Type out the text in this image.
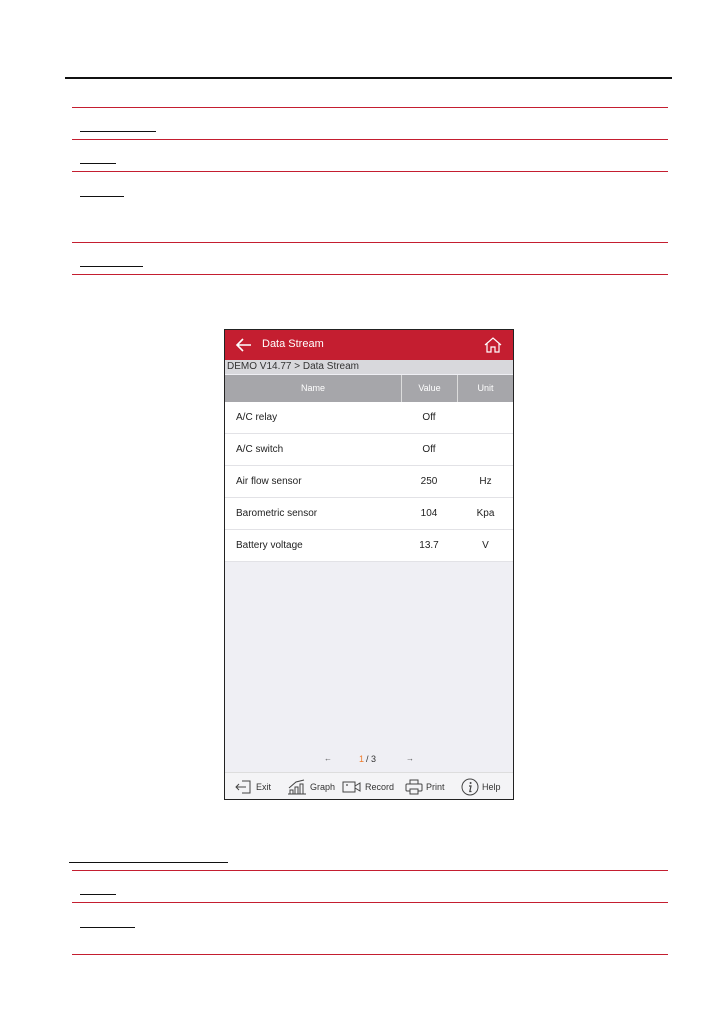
Data Stream
DEMO V14.77 > Data Stream
Name	Value	Unit
A/C relay	Off
A/C switch	Off
Air flow sensor	250	Hz
Barometric sensor	104	Kpa
Battery voltage	13.7	V
←	1 / 3	→
Exit	Graph	Record	Print	Help
